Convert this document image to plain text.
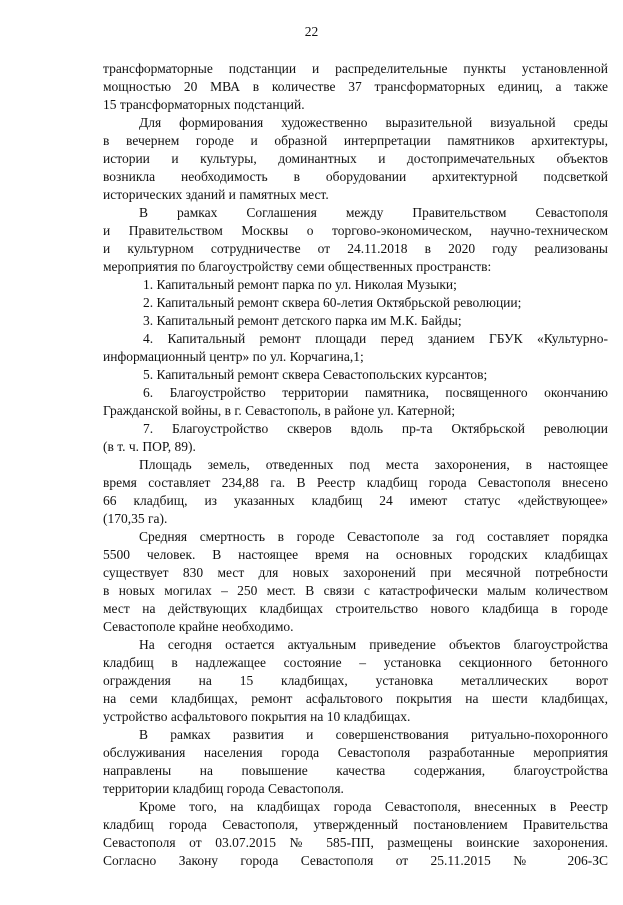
22
трансформаторные подстанции и распределительные пункты установленной
мощностью 20 МВА в количестве 37 трансформаторных единиц, а также
15 трансформаторных подстанций.
Для формирования художественно выразительной визуальной среды
в вечернем городе и образной интерпретации памятников архитектуры,
истории и культуры, доминантных и достопримечательных объектов
возникла необходимость в оборудовании архитектурной подсветкой
исторических зданий и памятных мест.
В рамках Соглашения между Правительством Севастополя
и Правительством Москвы о торгово-экономическом, научно-техническом
и культурном сотрудничестве от 24.11.2018 в 2020 году реализованы
мероприятия по благоустройству семи общественных пространств:
1. Капитальный ремонт парка по ул. Николая Музыки;
2. Капитальный ремонт сквера 60-летия Октябрьской революции;
3. Капитальный ремонт детского парка им М.К. Байды;
4. Капитальный ремонт площади перед зданием ГБУК «Культурно-
информационный центр» по ул. Корчагина,1;
5. Капитальный ремонт сквера Севастопольских курсантов;
6. Благоустройство территории памятника, посвященного окончанию
Гражданской войны, в г. Севастополь, в районе ул. Катерной;
7. Благоустройство скверов вдоль пр-та Октябрьской революции
(в т. ч. ПОР, 89).
Площадь земель, отведенных под места захоронения, в настоящее
время составляет 234,88 га. В Реестр кладбищ города Севастополя внесено
66 кладбищ, из указанных кладбищ 24 имеют статус «действующее»
(170,35 га).
Средняя смертность в городе Севастополе за год составляет порядка
5500 человек. В настоящее время на основных городских кладбищах
существует 830 мест для новых захоронений при месячной потребности
в новых могилах – 250 мест. В связи с катастрофически малым количеством
мест на действующих кладбищах строительство нового кладбища в городе
Севастополе крайне необходимо.
На сегодня остается актуальным приведение объектов благоустройства
кладбищ в надлежащее состояние – установка секционного бетонного
ограждения на 15 кладбищах, установка металлических ворот
на семи кладбищах, ремонт асфальтового покрытия на шести кладбищах,
устройство асфальтового покрытия на 10 кладбищах.
В рамках развития и совершенствования ритуально-похоронного
обслуживания населения города Севастополя разработанные мероприятия
направлены на повышение качества содержания, благоустройства
территории кладбищ города Севастополя.
Кроме того, на кладбищах города Севастополя, внесенных в Реестр
кладбищ города Севастополя, утвержденный постановлением Правительства
Севастополя от 03.07.2015 № 585-ПП, размещены воинские захоронения.
Согласно Закону города Севастополя от 25.11.2015 № 206-ЗС
